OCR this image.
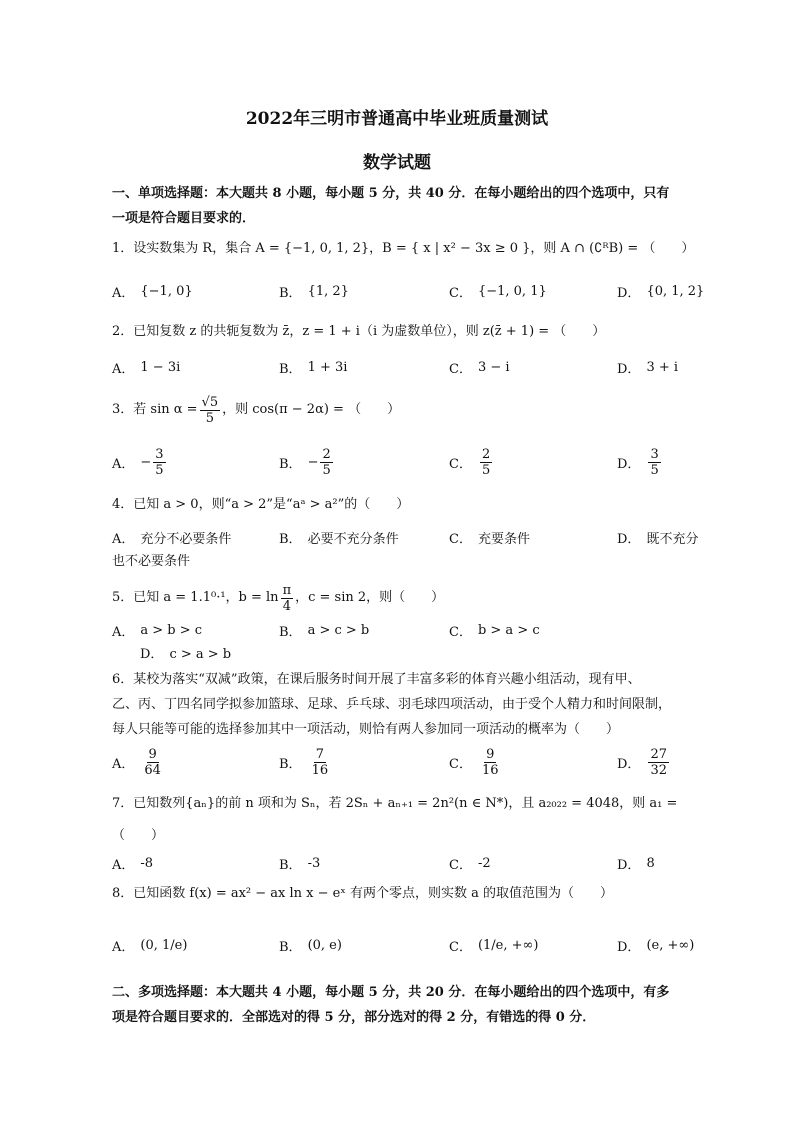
2022年三明市普通高中毕业班质量测试
数学试题
一、单项选择题：本大题共 8 小题，每小题 5 分，共 40 分．在每小题给出的四个选项中，只有
一项是符合题目要求的．
1．设实数集为 R，集合 A = {−1, 0, 1, 2}，B = { x | x² − 3x ≥ 0 }，则 A ∩ (∁ᴿB) = （　　）
A． {−1, 0}	B． {1, 2}	C． {−1, 0, 1}	D． {0, 1, 2}
2．已知复数 z 的共轭复数为 z̄，z = 1 + i（i 为虚数单位），则 z(z̄ + 1) = （　　）
A． 1 − 3i	B． 1 + 3i	C． 3 − i	D． 3 + i
3．若 $\sin \alpha = \frac{√5}{5}$ ，则 cos(π − 2α) = （　　）
A． − $\frac{3}{5}$	B． − $\frac{2}{5}$	C． $\frac{2}{5}$	D． $\frac{3}{5}$
4．已知 a > 0，则“a > 2”是“aᵃ > a²”的（　　）
A． 充分不必要条件	B． 必要不充分条件	C． 充要条件	D． 既不充分
也不必要条件
5．已知 a = 1.1⁰·¹，$b = \ln \frac{\pi}{4}$ ，c = sin 2，则（　　）
A． a > b > c	B． a > c > b	C． b > a > c
D． c > a > b
6．某校为落实“双减”政策，在课后服务时间开展了丰富多彩的体育兴趣小组活动，现有甲、
乙、丙、丁四名同学拟参加篮球、足球、乒乓球、羽毛球四项活动，由于受个人精力和时间限制，
每人只能等可能的选择参加其中一项活动，则恰有两人参加同一项活动的概率为（　　）
A． $\frac{9}{64}$	B． $\frac{7}{16}$	C． $\frac{9}{16}$	D． $\frac{27}{32}$
7．已知数列{aₙ}的前 n 项和为 Sₙ，若 2Sₙ + aₙ₊₁ = 2n²(n ∈ N*)，且 a₂₀₂₂ = 4048，则 a₁ =
（　　）
A． -8	B． -3	C． -2	D． 8
8．已知函数 f(x) = ax² − ax ln x − eˣ 有两个零点，则实数 a 的取值范围为（　　）
A． (0, 1/e)	B． (0, e)	C． (1/e, +∞)	D． (e, +∞)
二、多项选择题：本大题共 4 小题，每小题 5 分，共 20 分．在每小题给出的四个选项中，有多
项是符合题目要求的．全部选对的得 5 分，部分选对的得 2 分，有错选的得 0 分．
